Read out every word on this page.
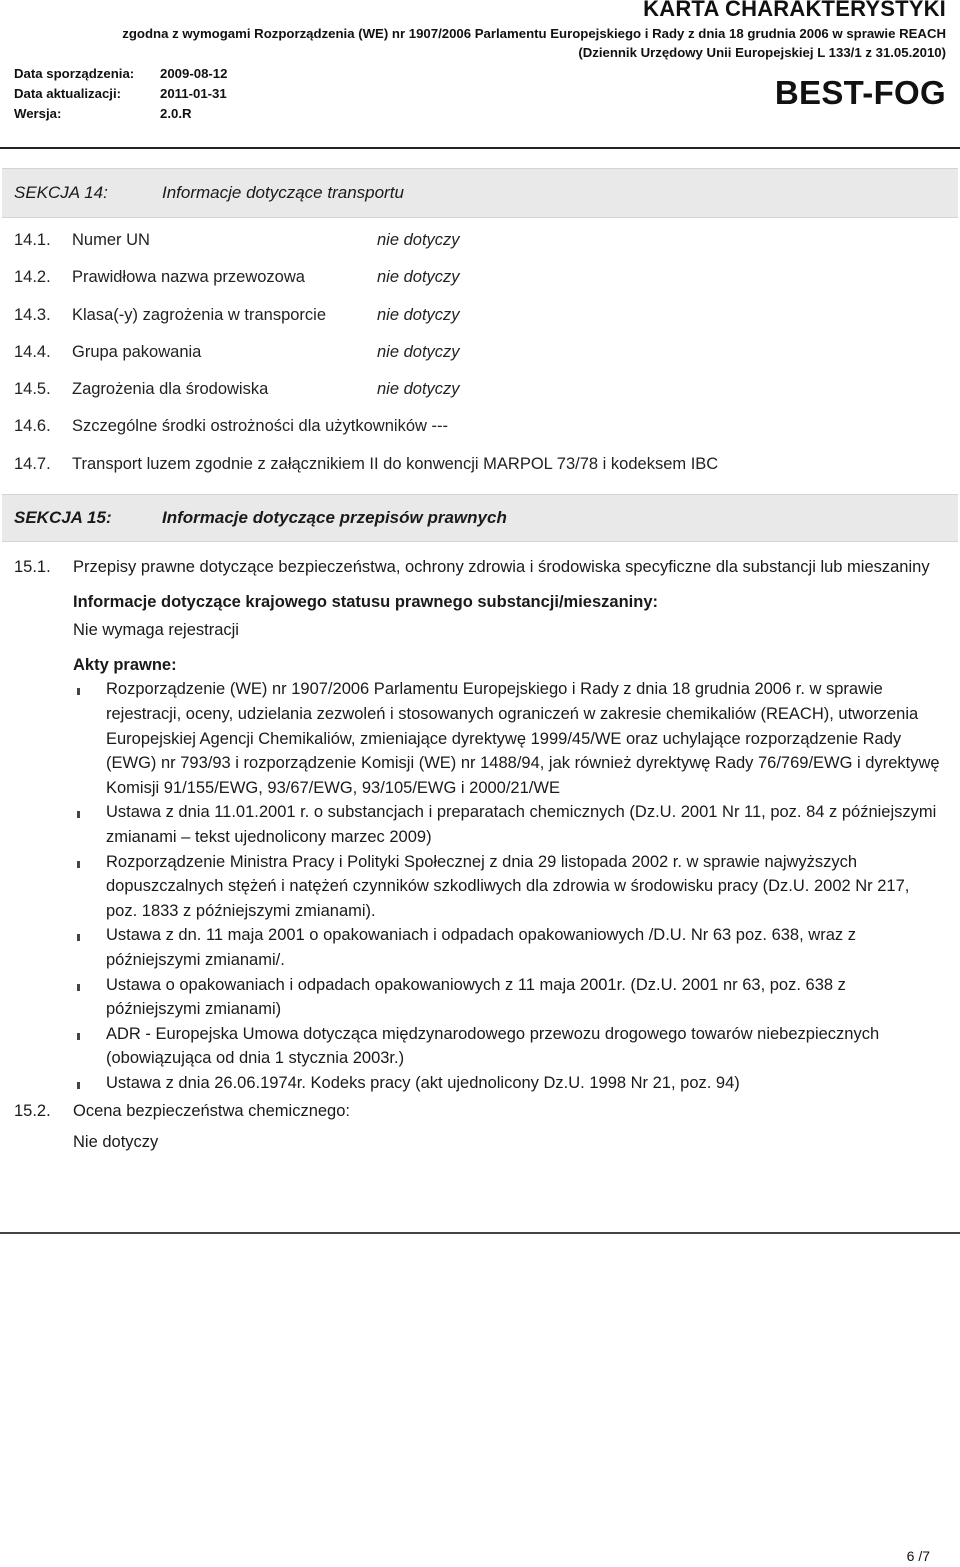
KARTA CHARAKTERYSTYKI
zgodna z wymogami Rozporządzenia (WE) nr 1907/2006 Parlamentu Europejskiego i Rady z dnia 18 grudnia 2006 w sprawie REACH
(Dziennik Urzędowy Unii Europejskiej L 133/1 z 31.05.2010)
Data sporządzenia:	2009-08-12
Data aktualizacji:	2011-01-31
Wersja:	2.0.R
BEST-FOG
SEKCJA 14:	Informacje dotyczące transportu
14.1. Numer UN	nie dotyczy
14.2. Prawidłowa nazwa przewozowa	nie dotyczy
14.3. Klasa(-y) zagrożenia w transporcie	nie dotyczy
14.4. Grupa pakowania	nie dotyczy
14.5. Zagrożenia dla środowiska	nie dotyczy
14.6. Szczególne środki ostrożności dla użytkowników ---
14.7. Transport luzem zgodnie z załącznikiem II do konwencji MARPOL 73/78 i kodeksem IBC
SEKCJA 15:	Informacje dotyczące przepisów prawnych
15.1. Przepisy prawne dotyczące bezpieczeństwa, ochrony zdrowia i środowiska specyficzne dla substancji lub mieszaniny
Informacje dotyczące krajowego statusu prawnego substancji/mieszaniny:
Nie wymaga rejestracji
Akty prawne:
Rozporządzenie (WE) nr 1907/2006 Parlamentu Europejskiego i Rady z dnia 18 grudnia 2006 r. w sprawie rejestracji, oceny, udzielania zezwoleń i stosowanych ograniczeń w zakresie chemikaliów (REACH), utworzenia Europejskiej Agencji Chemikaliów, zmieniające dyrektywę 1999/45/WE oraz uchylające rozporządzenie Rady (EWG) nr 793/93 i rozporządzenie Komisji (WE) nr 1488/94, jak również dyrektywę Rady 76/769/EWG i dyrektywę Komisji 91/155/EWG, 93/67/EWG, 93/105/EWG i 2000/21/WE
Ustawa z dnia 11.01.2001 r. o substancjach i preparatach chemicznych (Dz.U. 2001 Nr 11, poz. 84 z późniejszymi zmianami – tekst ujednolicony marzec 2009)
Rozporządzenie Ministra Pracy i Polityki Społecznej z dnia 29 listopada 2002 r. w sprawie najwyższych dopuszczalnych stężeń i natężeń czynników szkodliwych dla zdrowia w środowisku pracy (Dz.U. 2002 Nr 217, poz. 1833 z późniejszymi zmianami).
Ustawa z dn. 11 maja 2001 o opakowaniach i odpadach opakowaniowych /D.U. Nr 63 poz. 638, wraz z późniejszymi zmianami/.
Ustawa o opakowaniach i odpadach opakowaniowych z 11 maja 2001r. (Dz.U. 2001 nr 63, poz. 638 z późniejszymi zmianami)
ADR - Europejska Umowa dotycząca międzynarodowego przewozu drogowego towarów niebezpiecznych (obowiązująca od dnia 1 stycznia 2003r.)
Ustawa z dnia 26.06.1974r. Kodeks pracy (akt ujednolicony Dz.U. 1998 Nr 21, poz. 94)
15.2. Ocena bezpieczeństwa chemicznego:
Nie dotyczy
6 /7
